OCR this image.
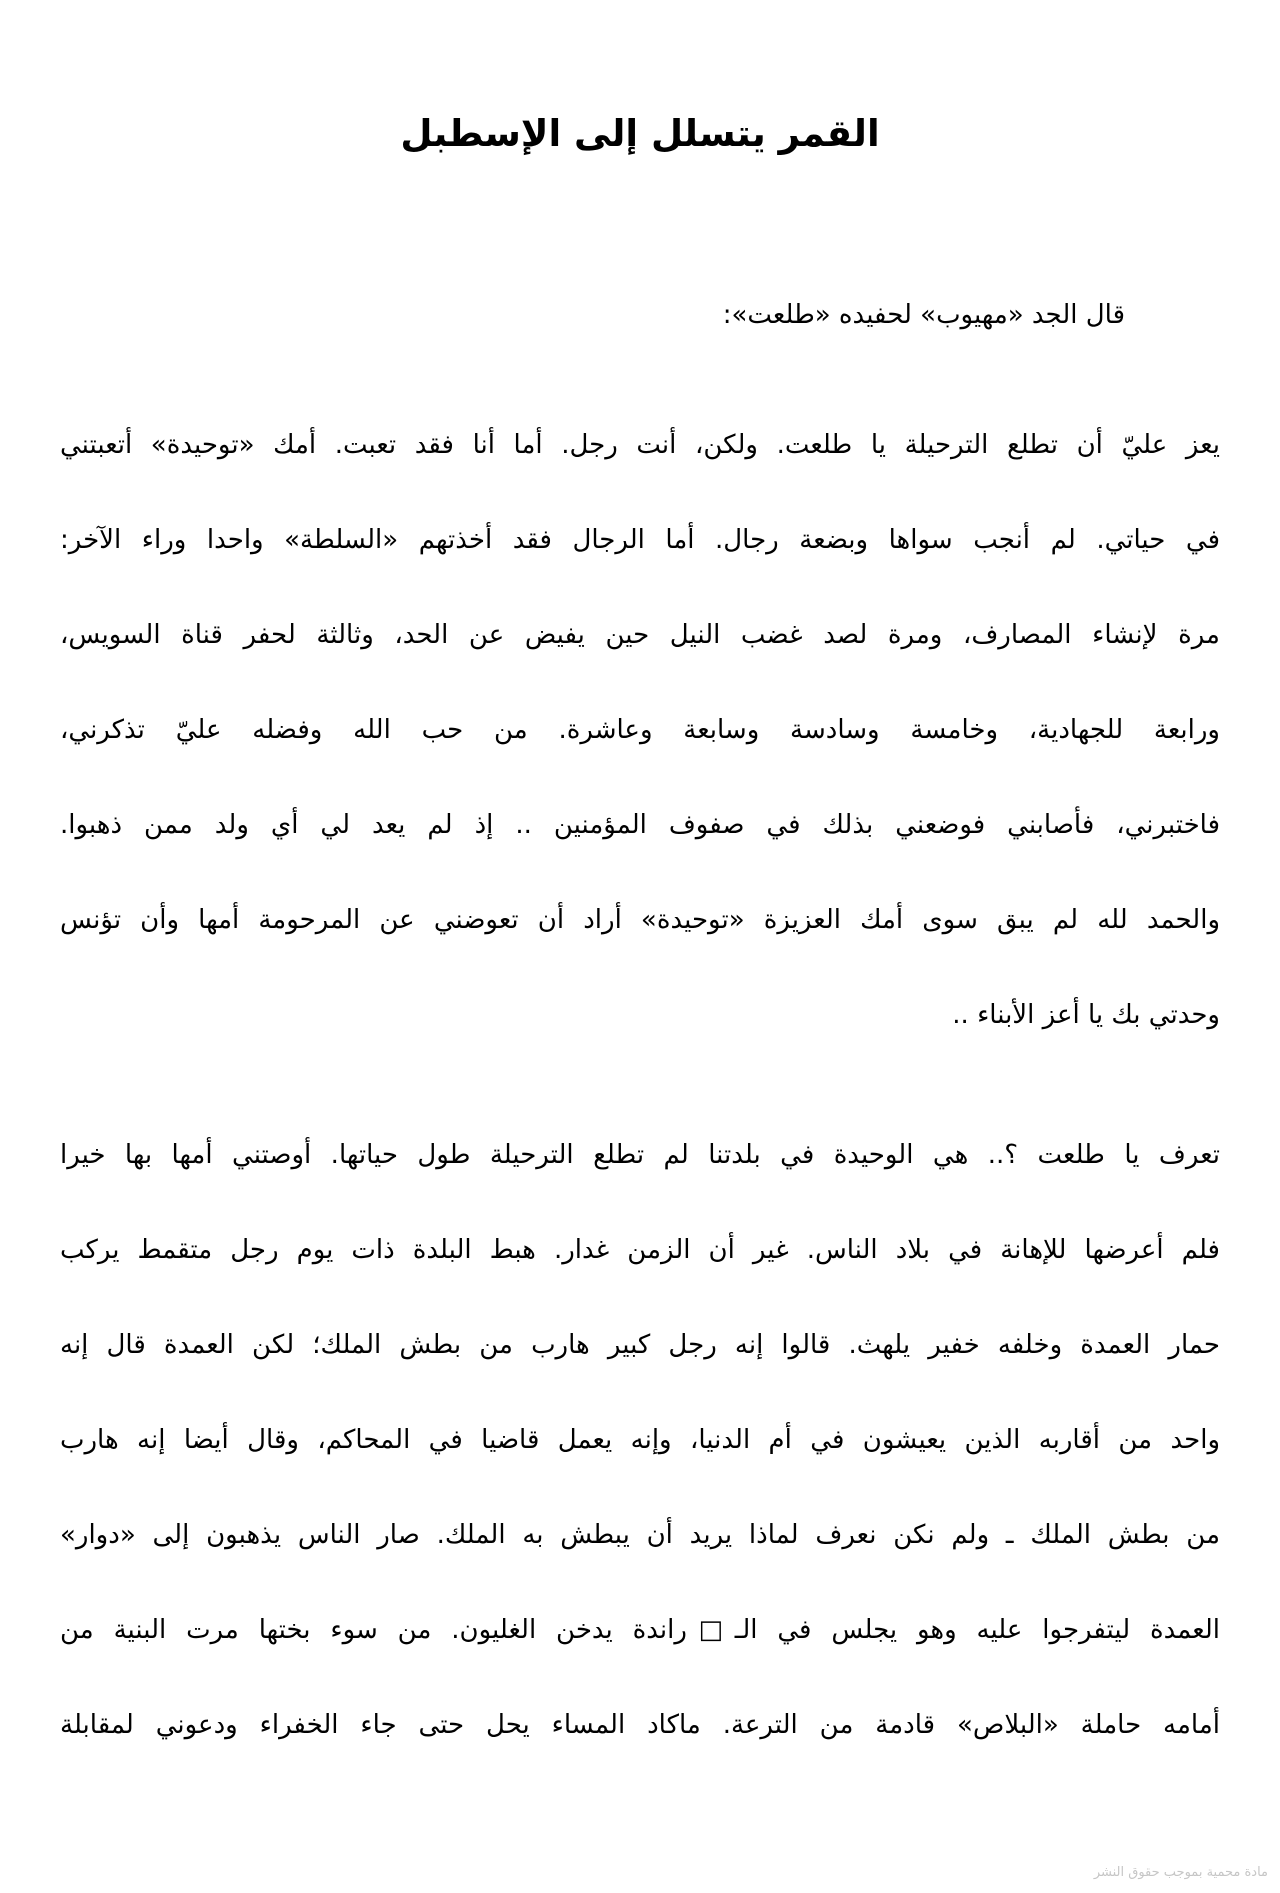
القمر يتسلل إلى الإسطبل
قال الجد «مهيوب» لحفيده «طلعت»:
يعز عليّ أن تطلع الترحيلة يا طلعت. ولكن، أنت رجل. أما أنا فقد تعبت. أمك «توحيدة» أتعبتني
في حياتي. لم أنجب سواها وبضعة رجال. أما الرجال فقد أخذتهم «السلطة» واحدا وراء الآخر:
مرة لإنشاء المصارف، ومرة لصد غضب النيل حين يفيض عن الحد، وثالثة لحفر قناة السويس،
ورابعة للجهادية، وخامسة وسادسة وسابعة وعاشرة. من حب الله وفضله عليّ تذكرني،
فاختبرني، فأصابني فوضعني بذلك في صفوف المؤمنين .. إذ لم يعد لي أي ولد ممن ذهبوا.
والحمد لله لم يبق سوى أمك العزيزة «توحيدة» أراد أن تعوضني عن المرحومة أمها وأن تؤنس
وحدتي بك يا أعز الأبناء ..
تعرف يا طلعت ؟.. هي الوحيدة في بلدتنا لم تطلع الترحيلة طول حياتها. أوصتني أمها بها خيرا
فلم أعرضها للإهانة في بلاد الناس. غير أن الزمن غدار. هبط البلدة ذات يوم رجل متقمط يركب
حمار العمدة وخلفه خفير يلهث. قالوا إنه رجل كبير هارب من بطش الملك؛ لكن العمدة قال إنه
واحد من أقاربه الذين يعيشون في أم الدنيا، وإنه يعمل قاضيا في المحاكم، وقال أيضا إنه هارب
من بطش الملك ـ ولم نكن نعرف لماذا يريد أن يبطش به الملك. صار الناس يذهبون إلى «دوار»
العمدة ليتفرجوا عليه وهو يجلس في الـ□راندة يدخن الغليون. من سوء بختها مرت البنية من
أمامه حاملة «البلاص» قادمة من الترعة. ماكاد المساء يحل حتى جاء الخفراء ودعوني لمقابلة
مادة محمية بموجب حقوق النشر
